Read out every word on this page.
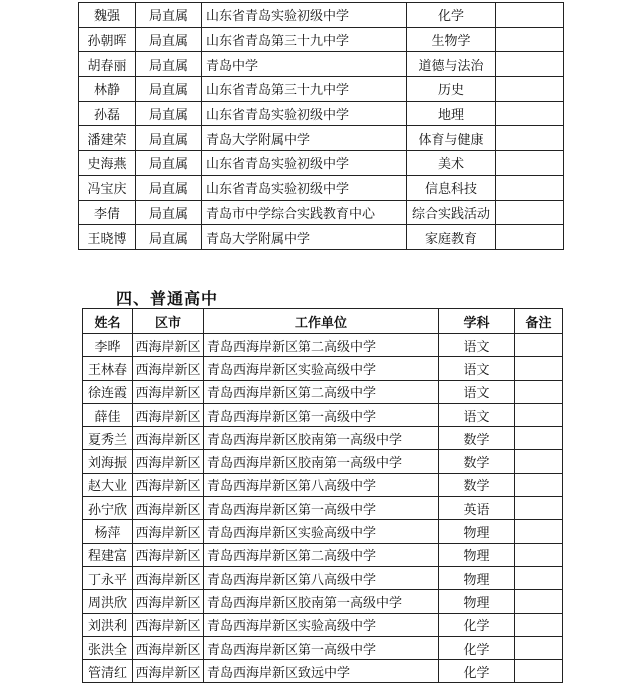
魏强	局直属	山东省青岛实验初级中学	化学	
孙朝晖	局直属	山东省青岛第三十九中学	生物学	
胡春丽	局直属	青岛中学	道德与法治	
林静	局直属	山东省青岛第三十九中学	历史	
孙磊	局直属	山东省青岛实验初级中学	地理	
潘建荣	局直属	青岛大学附属中学	体育与健康	
史海燕	局直属	山东省青岛实验初级中学	美术	
冯宝庆	局直属	山东省青岛实验初级中学	信息科技	
李倩	局直属	青岛市中学综合实践教育中心	综合实践活动	
王晓博	局直属	青岛大学附属中学	家庭教育	
四、普通高中
姓名	区市	工作单位	学科	备注
李晔	西海岸新区	青岛西海岸新区第二高级中学	语文	
王林春	西海岸新区	青岛西海岸新区实验高级中学	语文	
徐连霞	西海岸新区	青岛西海岸新区第二高级中学	语文	
薛佳	西海岸新区	青岛西海岸新区第一高级中学	语文	
夏秀兰	西海岸新区	青岛西海岸新区胶南第一高级中学	数学	
刘海振	西海岸新区	青岛西海岸新区胶南第一高级中学	数学	
赵大业	西海岸新区	青岛西海岸新区第八高级中学	数学	
孙宁欣	西海岸新区	青岛西海岸新区第一高级中学	英语	
杨萍	西海岸新区	青岛西海岸新区实验高级中学	物理	
程建富	西海岸新区	青岛西海岸新区第二高级中学	物理	
丁永平	西海岸新区	青岛西海岸新区第八高级中学	物理	
周洪欣	西海岸新区	青岛西海岸新区胶南第一高级中学	物理	
刘洪利	西海岸新区	青岛西海岸新区实验高级中学	化学	
张洪全	西海岸新区	青岛西海岸新区第一高级中学	化学	
管清红	西海岸新区	青岛西海岸新区致远中学	化学	
